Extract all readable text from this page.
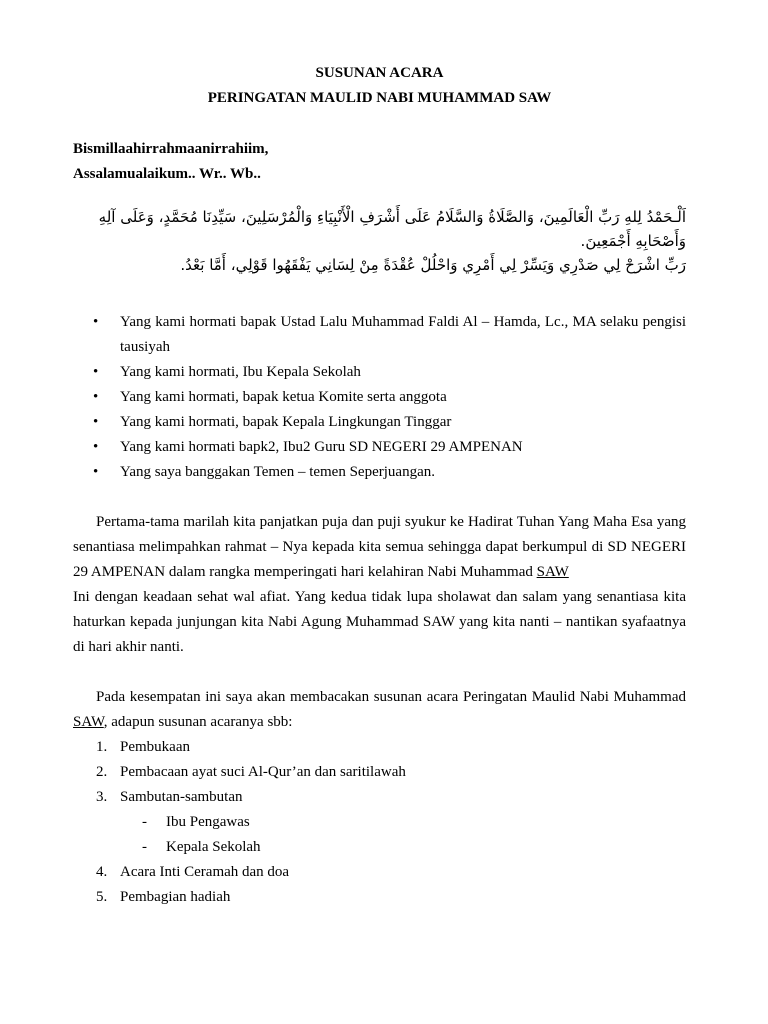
SUSUNAN ACARA
PERINGATAN MAULID NABI MUHAMMAD SAW
Bismillaahirrahmaanirrahiim,
Assalamualaikum.. Wr.. Wb..
اَلْـحَمْدُ لِلهِ رَبِّ الْعَالَمِينَ، وَالصَّلَاةُ وَالسَّلَامُ عَلَى أَشْرَفِ الْأَنْبِيَاءِ وَالْمُرْسَلِينَ، سَيِّدِنَا مُحَمَّدٍ، وَعَلَى آلِهِ وَأَصْحَابِهِ أَجْمَعِينَ.
رَبِّ اشْرَحْ لِي صَدْرِي وَيَسِّرْ لِي أَمْرِي وَاحْلُلْ عُقْدَةً مِنْ لِسَانِي يَفْقَهُوا قَوْلِي، أَمَّا بَعْدُ.
• Yang kami hormati bapak Ustad Lalu Muhammad Faldi Al – Hamda, Lc., MA selaku pengisi tausiyah
• Yang kami hormati, Ibu Kepala Sekolah
• Yang kami hormati, bapak ketua Komite serta anggota
• Yang kami hormati, bapak Kepala Lingkungan Tinggar
• Yang kami hormati bapk2, Ibu2 Guru SD NEGERI 29 AMPENAN
• Yang saya banggakan Temen – temen Seperjuangan.
Pertama-tama marilah kita panjatkan puja dan puji syukur ke Hadirat Tuhan Yang Maha Esa yang senantiasa melimpahkan rahmat – Nya kepada kita semua sehingga dapat berkumpul di SD NEGERI 29 AMPENAN dalam rangka memperingati hari kelahiran Nabi Muhammad SAW
Ini dengan keadaan sehat wal afiat. Yang kedua tidak lupa sholawat dan salam yang senantiasa kita haturkan kepada junjungan kita Nabi Agung Muhammad SAW yang kita nanti – nantikan syafaatnya di hari akhir nanti.
Pada kesempatan ini saya akan membacakan susunan acara Peringatan Maulid Nabi Muhammad SAW, adapun susunan acaranya sbb:
1. Pembukaan
2. Pembacaan ayat suci Al-Qur’an dan saritilawah
3. Sambutan-sambutan
- Ibu Pengawas
- Kepala Sekolah
4. Acara Inti Ceramah dan doa
5. Pembagian hadiah
